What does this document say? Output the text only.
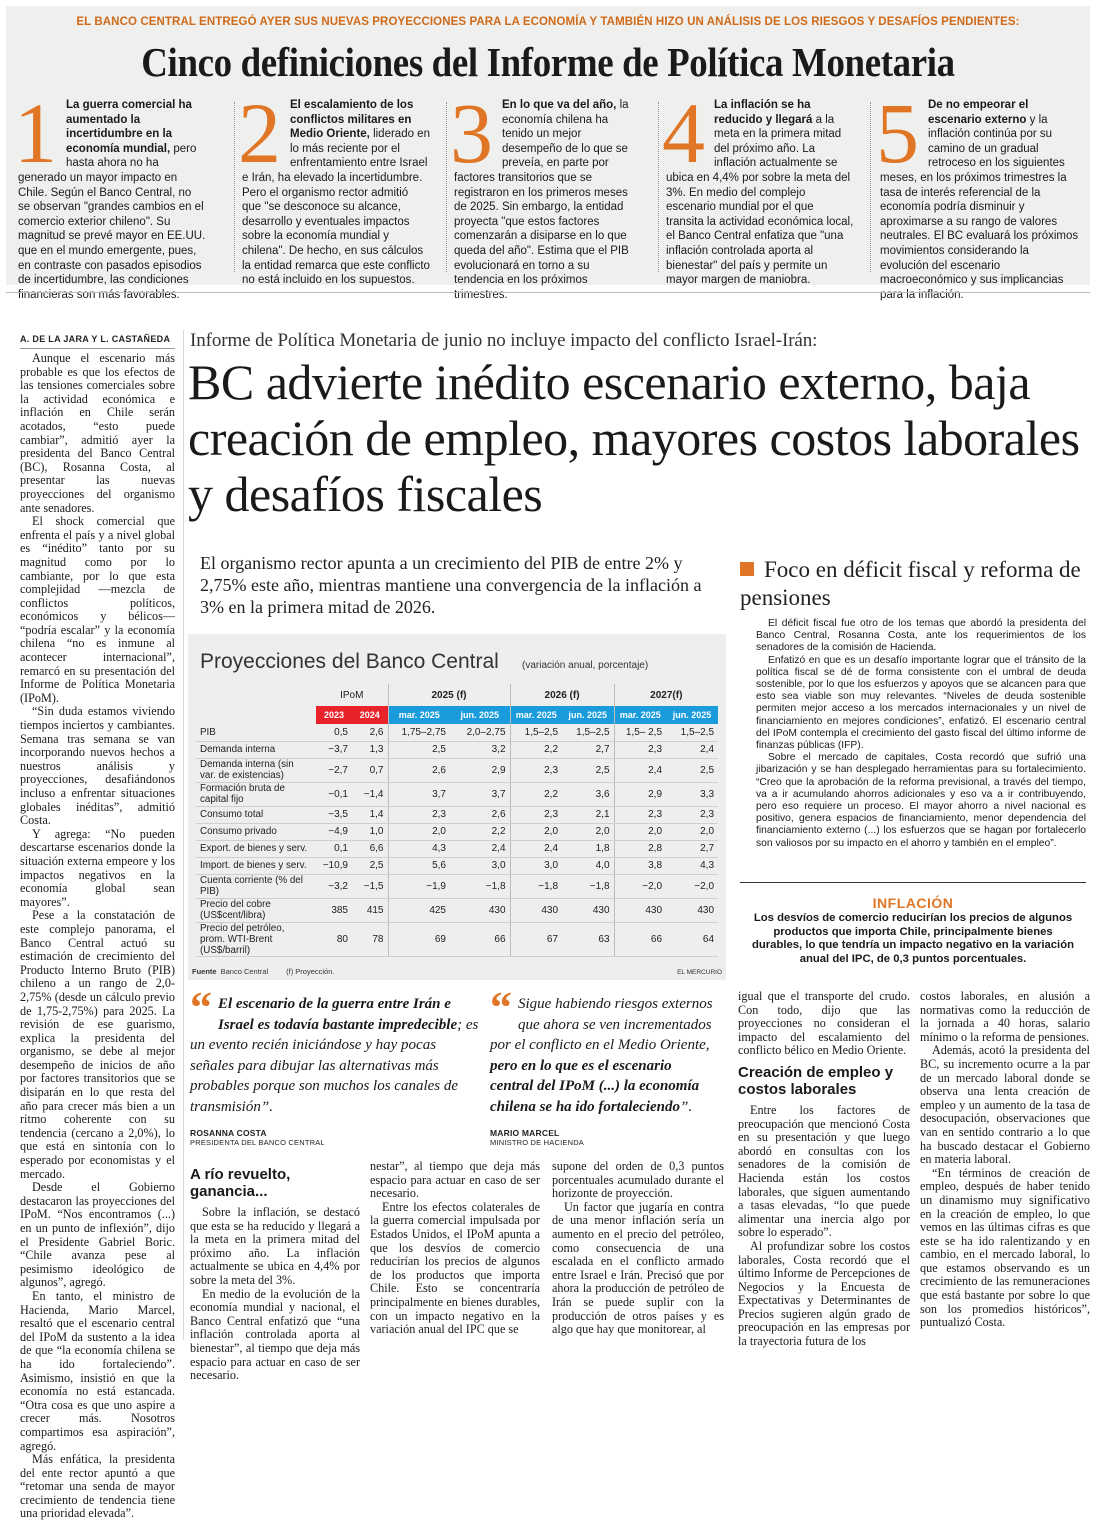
EL BANCO CENTRAL ENTREGÓ AYER SUS NUEVAS PROYECCIONES PARA LA ECONOMÍA Y TAMBIÉN HIZO UN ANÁLISIS DE LOS RIESGOS Y DESAFÍOS PENDIENTES:
Cinco definiciones del Informe de Política Monetaria
1 La guerra comercial ha aumentado la incertidumbre en la economía mundial, pero hasta ahora no ha generado un mayor impacto en Chile. Según el Banco Central, no se observan "grandes cambios en el comercio exterior chileno". Su magnitud se prevé mayor en EE.UU. que en el mundo emergente, pues, en contraste con pasados episodios de incertidumbre, las condiciones financieras son más favorables.
2 El escalamiento de los conflictos militares en Medio Oriente, liderado en lo más reciente por el enfrentamiento entre Israel e Irán, ha elevado la incertidumbre. Pero el organismo rector admitió que "se desconoce su alcance, desarrollo y eventuales impactos sobre la economía mundial y chilena". De hecho, en sus cálculos la entidad remarca que este conflicto no está incluido en los supuestos.
3 En lo que va del año, la economía chilena ha tenido un mejor desempeño de lo que se preveía, en parte por factores transitorios que se registraron en los primeros meses de 2025. Sin embargo, la entidad proyecta "que estos factores comenzarán a disiparse en lo que queda del año". Estima que el PIB evolucionará en torno a su tendencia en los próximos trimestres.
4 La inflación se ha reducido y llegará a la meta en la primera mitad del próximo año. La inflación actualmente se ubica en 4,4% por sobre la meta del 3%. En medio del complejo escenario mundial por el que transita la actividad económica local, el Banco Central enfatiza que "una inflación controlada aporta al bienestar" del país y permite un mayor margen de maniobra.
5 De no empeorar el escenario externo y la inflación continúa por su camino de un gradual retroceso en los siguientes meses, en los próximos trimestres la tasa de interés referencial de la economía podría disminuir y aproximarse a su rango de valores neutrales. El BC evaluará los próximos movimientos considerando la evolución del escenario macroeconómico y sus implicancias para la inflación.
A. DE LA JARA Y L. CASTAÑEDA

Aunque el escenario más probable es que los efectos de las tensiones comerciales sobre la actividad económica e inflación en Chile serán acotados, “esto puede cambiar”, admitió ayer la presidenta del Banco Central (BC), Rosanna Costa, al presentar las nuevas proyecciones del organismo ante senadores.

El shock comercial que enfrenta el país y a nivel global es “inédito” tanto por su magnitud como por lo cambiante, por lo que esta complejidad —mezcla de conflictos políticos, económicos y bélicos— “podría escalar” y la economía chilena “no es inmune al acontecer internacional”, remarcó en su presentación del Informe de Política Monetaria (IPoM).

“Sin duda estamos viviendo tiempos inciertos y cambiantes. Semana tras semana se van incorporando nuevos hechos a nuestros análisis y proyecciones, desafiándonos incluso a enfrentar situaciones globales inéditas”, admitió Costa.

Y agrega: “No pueden descartarse escenarios donde la situación externa empeore y los impactos negativos en la economía global sean mayores”.

Pese a la constatación de este complejo panorama, el Banco Central actuó su estimación de crecimiento del Producto Interno Bruto (PIB) chileno a un rango de 2,0-2,75% (desde un cálculo previo de 1,75-2,75%) para 2025. La revisión de ese guarismo, explica la presidenta del organismo, se debe al mejor desempeño de inicios de año por factores transitorios que se disiparán en lo que resta del año para crecer más bien a un ritmo coherente con su tendencia (cercano a 2,0%), lo que está en sintonía con lo esperado por economistas y el mercado.

Desde el Gobierno destacaron las proyecciones del IPoM. “Nos encontramos (...) en un punto de inflexión”, dijo el Presidente Gabriel Boric. “Chile avanza pese al pesimismo ideológico de algunos”, agregó.

En tanto, el ministro de Hacienda, Mario Marcel, resaltó que el escenario central del IPoM da sustento a la idea de que “la economía chilena se ha ido fortaleciendo”. Asimismo, insistió en que la economía no está estancada. “Otra cosa es que uno aspire a crecer más. Nosotros compartimos esa aspiración”, agregó.

Más enfática, la presidenta del ente rector apuntó a que “retomar una senda de mayor crecimiento de tendencia tiene una prioridad elevada”.

Informe de Política Monetaria de junio no incluye impacto del conflicto Israel-Irán:
BC advierte inédito escenario externo, baja creación de empleo, mayores costos laborales y desafíos fiscales
El organismo rector apunta a un crecimiento del PIB de entre 2% y 2,75% este año, mientras mantiene una convergencia de la inflación a 3% en la primera mitad de 2026.
Proyecciones del Banco Central (variación anual, porcentaje)
	IPoM		2025 (f)		2026 (f)		2027(f)	
	2023	2024	mar. 2025	jun. 2025	mar. 2025	jun. 2025	mar. 2025	jun. 2025
PIB	0,5	2,6	1,75–2,75	2,0–2,75	1,5–2,5	1,5–2,5	1,5– 2,5	1,5–2,5
Demanda interna	−3,7	1,3	2,5	3,2	2,2	2,7	2,3	2,4
Demanda interna (sin var. de existencias)	−2,7	0,7	2,6	2,9	2,3	2,5	2,4	2,5
Formación bruta de capital fijo	−0,1	−1,4	3,7	3,7	2,2	3,6	2,9	3,3
Consumo total	−3,5	1,4	2,3	2,6	2,3	2,1	2,3	2,3
Consumo privado	−4,9	1,0	2,0	2,2	2,0	2,0	2,0	2,0
Export. de bienes y serv.	0,1	6,6	4,3	2,4	2,4	1,8	2,8	2,7
Import. de bienes y serv.	−10,9	2,5	5,6	3,0	3,0	4,0	3,8	4,3
Cuenta corriente (% del PIB)	−3,2	−1,5	−1,9	−1,8	−1,8	−1,8	−2,0	−2,0
Precio del cobre (US$cent/libra)	385	415	425	430	430	430	430	430
Precio del petróleo, prom. WTI-Brent (US$/barril)	80	78	69	66	67	63	66	64
Fuente Banco Central (f) Proyección.	EL MERCURIO
“ El escenario de la guerra entre Irán e Israel es todavía bastante impredecible; es un evento recién iniciándose y hay pocas señales para dibujar las alternativas más probables porque son muchos los canales de transmisión”.
ROSANNA COSTA
PRESIDENTA DEL BANCO CENTRAL
“ Sigue habiendo riesgos externos que ahora se ven incrementados por el conflicto en el Medio Oriente, pero en lo que es el escenario central del IPoM (...) la economía chilena se ha ido fortaleciendo”.
MARIO MARCEL
MINISTRO DE HACIENDA

A río revuelto, ganancia...

Sobre la inflación, se destacó que esta se ha reducido y llegará a la meta en la primera mitad del próximo año. La inflación actualmente se ubica en 4,4% por sobre la meta del 3%.

En medio de la evolución de la economía mundial y nacional, el Banco Central enfatizó que “una inflación controlada aporta al bienestar”, al tiempo que deja más espacio para actuar en caso de ser necesario.

nestar”, al tiempo que deja más espacio para actuar en caso de ser necesario.

Entre los efectos colaterales de la guerra comercial impulsada por Estados Unidos, el IPoM apunta a que los desvíos de comercio reducirían los precios de algunos de los productos que importa Chile. Esto se concentraría principalmente en bienes durables, con un impacto negativo en la variación anual del IPC que se

supone del orden de 0,3 puntos porcentuales acumulado durante el horizonte de proyección.

Un factor que jugaría en contra de una menor inflación sería un aumento en el precio del petróleo, como consecuencia de una escalada en el conflicto armado entre Israel e Irán. Precisó que por ahora la producción de petróleo de Irán se puede suplir con la producción de otros países y es algo que hay que monitorear, al

igual que el transporte del crudo. Con todo, dijo que las proyecciones no consideran el impacto del escalamiento del conflicto bélico en Medio Oriente.

Creación de empleo y costos laborales

Entre los factores de preocupación que mencionó Costa en su presentación y que luego abordó en consultas con los senadores de la comisión de Hacienda están los costos laborales, que siguen aumentando a tasas elevadas, “lo que puede alimentar una inercia algo por sobre lo esperado”.

Al profundizar sobre los costos laborales, Costa recordó que el último Informe de Percepciones de Negocios y la Encuesta de Expectativas y Determinantes de Precios sugieren algún grado de preocupación en las empresas por la trayectoria futura de los

costos laborales, en alusión a normativas como la reducción de la jornada a 40 horas, salario mínimo o la reforma de pensiones.

Además, acotó la presidenta del BC, su incremento ocurre a la par de un mercado laboral donde se observa una lenta creación de empleo y un aumento de la tasa de desocupación, observaciones que van en sentido contrario a lo que ha buscado destacar el Gobierno en materia laboral.

“En términos de creación de empleo, después de haber tenido un dinamismo muy significativo en la creación de empleo, lo que vemos en las últimas cifras es que este se ha ido ralentizando y en cambio, en el mercado laboral, lo que estamos observando es un crecimiento de las remuneraciones que está bastante por sobre lo que son los promedios históricos”, puntualizó Costa.

Foco en déficit fiscal y reforma de pensiones

El déficit fiscal fue otro de los temas que abordó la presidenta del Banco Central, Rosanna Costa, ante los requerimientos de los senadores de la comisión de Hacienda.

Enfatizó en que es un desafío importante lograr que el tránsito de la política fiscal se dé de forma consistente con el umbral de deuda sostenible, por lo que los esfuerzos y apoyos que se alcancen para que esto sea viable son muy relevantes. “Niveles de deuda sostenible permiten mejor acceso a los mercados internacionales y un nivel de financiamiento en mejores condiciones”, enfatizó. El escenario central del IPoM contempla el crecimiento del gasto fiscal del último informe de finanzas públicas (IFP).

Sobre el mercado de capitales, Costa recordó que sufrió una jibarización y se han desplegado herramientas para su fortalecimiento. “Creo que la aprobación de la reforma previsional, a través del tiempo, va a ir acumulando ahorros adicionales y eso va a ir contribuyendo, pero eso requiere un proceso. El mayor ahorro a nivel nacional es positivo, genera espacios de financiamiento, menor dependencia del financiamiento externo (...) los esfuerzos que se hagan por fortalecerlo son valiosos por su impacto en el ahorro y también en el empleo”.

INFLACIÓN
Los desvíos de comercio reducirían los precios de algunos productos que importa Chile, principalmente bienes durables, lo que tendría un impacto negativo en la variación anual del IPC, de 0,3 puntos porcentuales.
